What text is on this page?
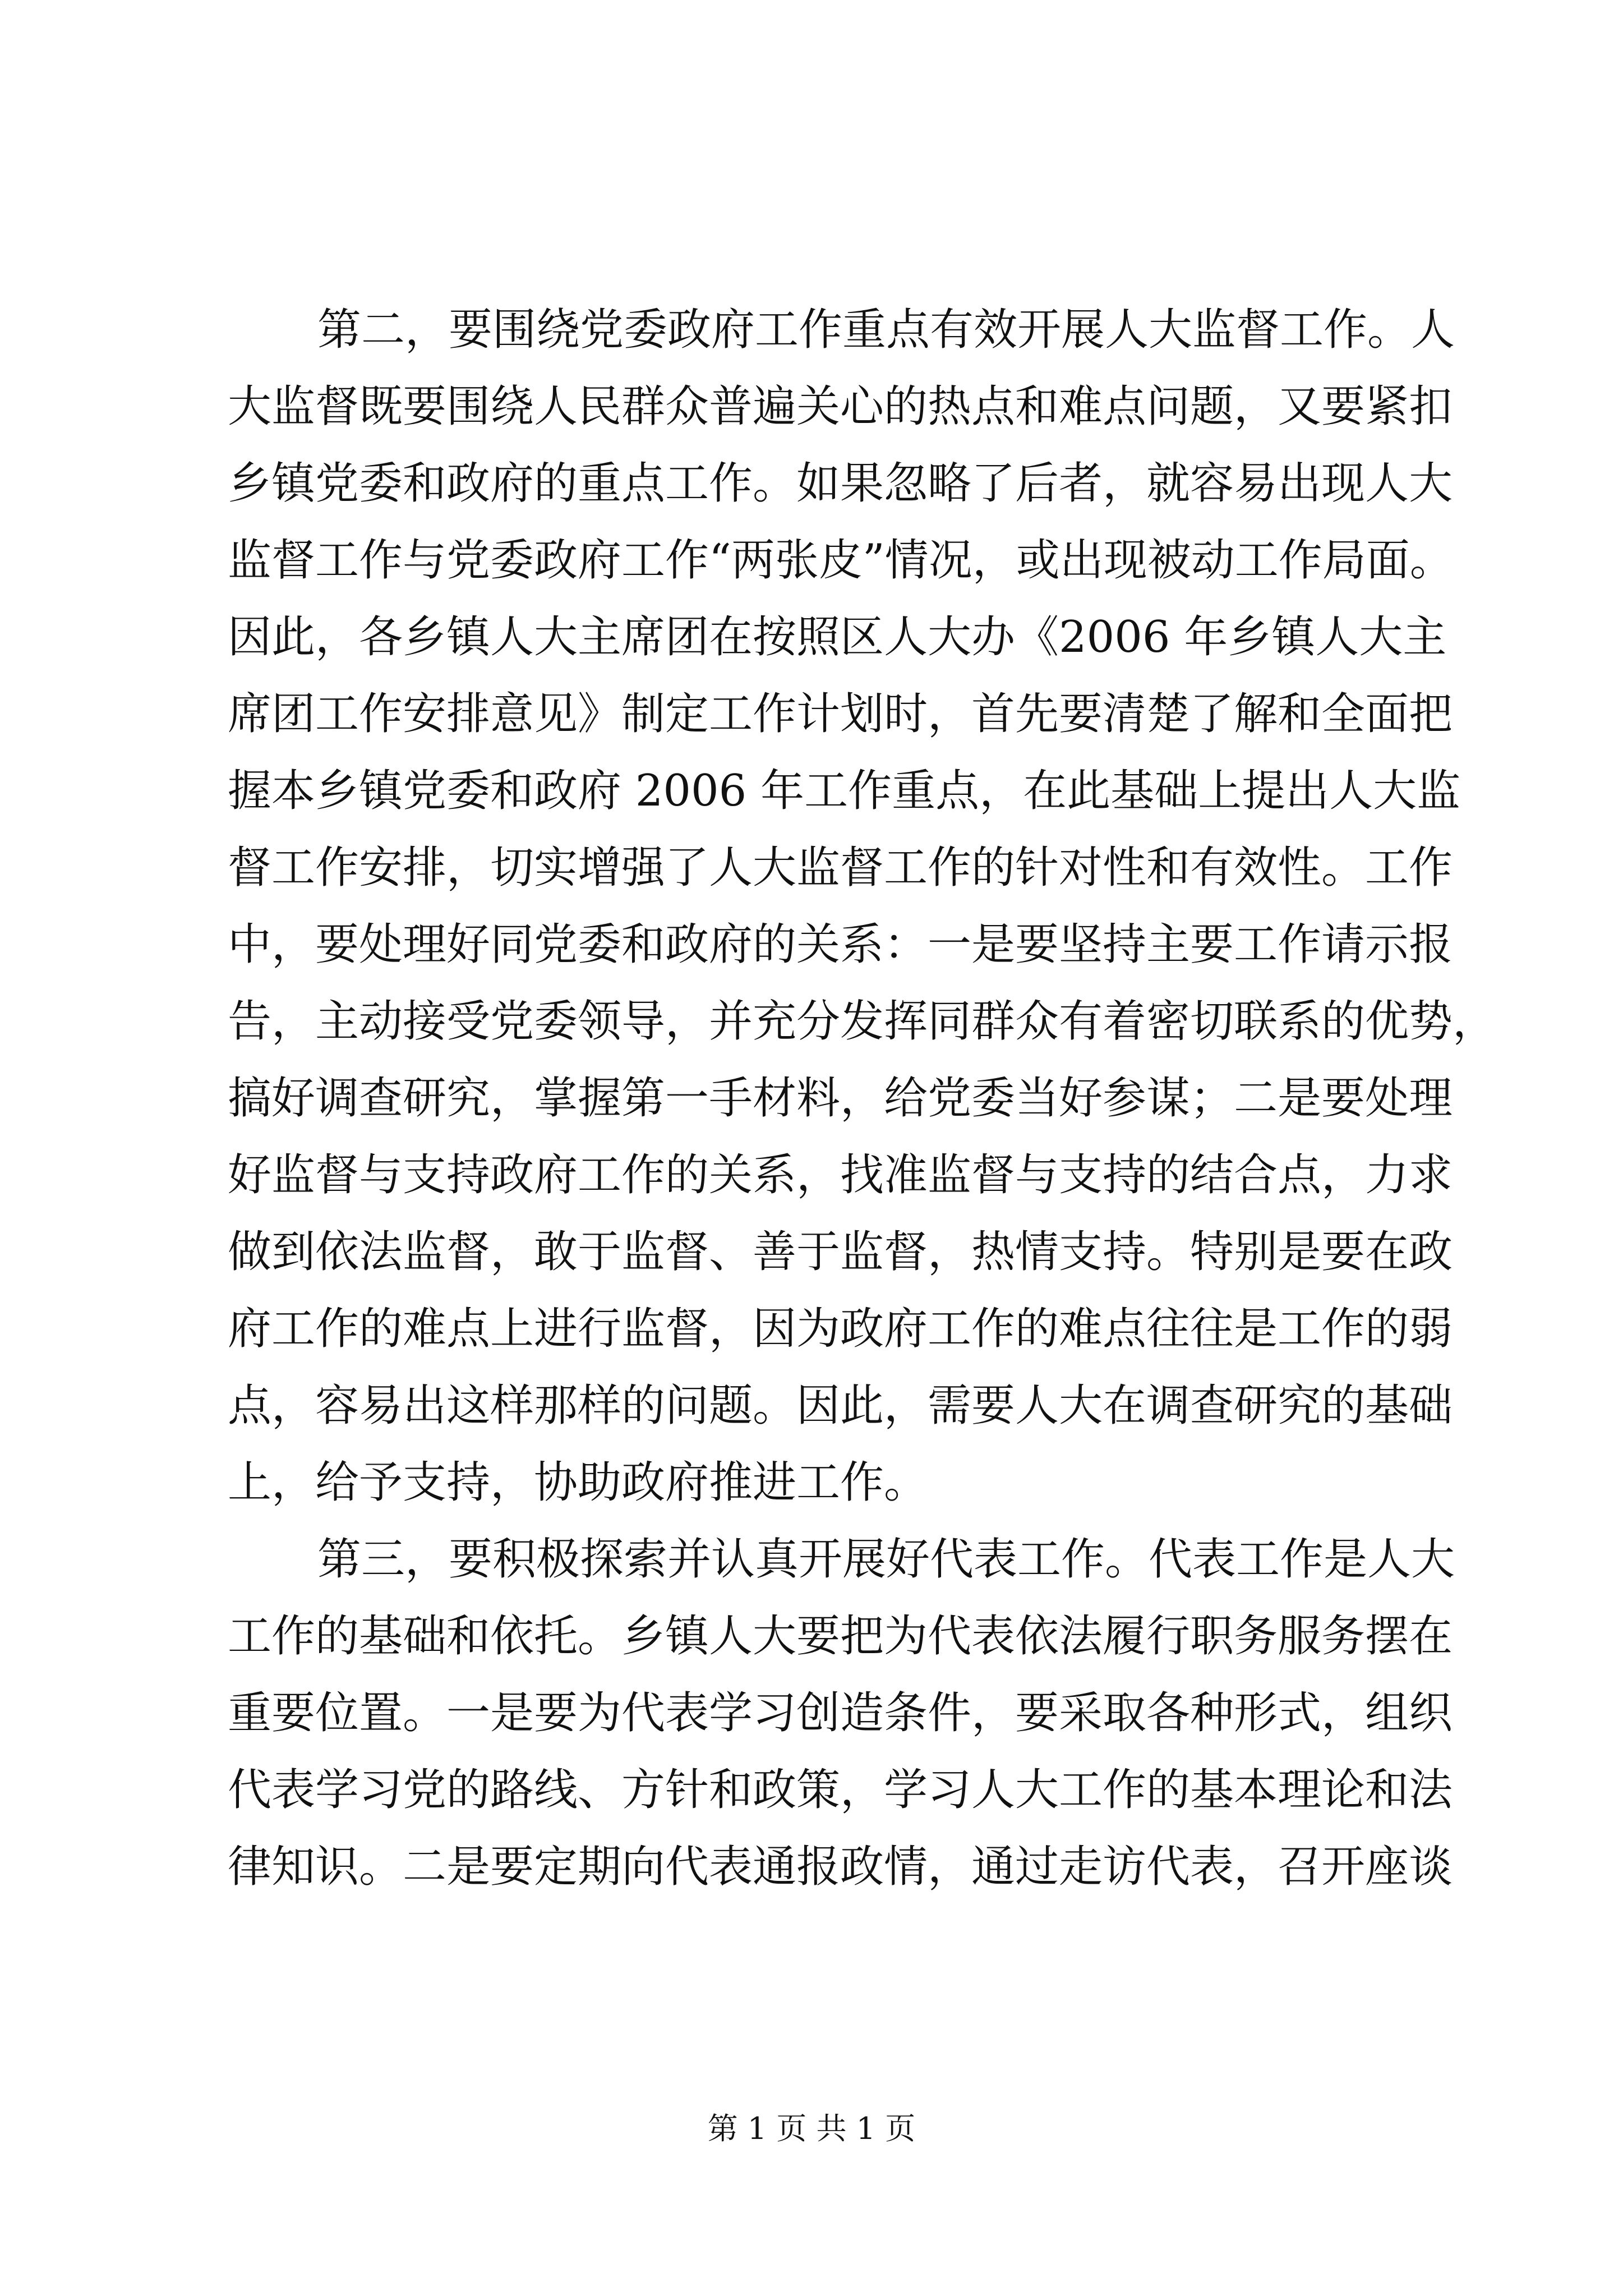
第二，要围绕党委政府工作重点有效开展人大监督工作。人
大监督既要围绕人民群众普遍关心的热点和难点问题，又要紧扣
乡镇党委和政府的重点工作。如果忽略了后者，就容易出现人大
监督工作与党委政府工作“两张皮”情况，或出现被动工作局面。
因此，各乡镇人大主席团在按照区人大办《2006 年乡镇人大主
席团工作安排意见》制定工作计划时，首先要清楚了解和全面把
握本乡镇党委和政府 2006 年工作重点，在此基础上提出人大监
督工作安排，切实增强了人大监督工作的针对性和有效性。工作
中，要处理好同党委和政府的关系：一是要坚持主要工作请示报
告，主动接受党委领导，并充分发挥同群众有着密切联系的优势，
搞好调查研究，掌握第一手材料，给党委当好参谋；二是要处理
好监督与支持政府工作的关系，找准监督与支持的结合点，力求
做到依法监督，敢于监督、善于监督，热情支持。特别是要在政
府工作的难点上进行监督，因为政府工作的难点往往是工作的弱
点，容易出这样那样的问题。因此，需要人大在调查研究的基础
上，给予支持，协助政府推进工作。
第三，要积极探索并认真开展好代表工作。代表工作是人大
工作的基础和依托。乡镇人大要把为代表依法履行职务服务摆在
重要位置。一是要为代表学习创造条件，要采取各种形式，组织
代表学习党的路线、方针和政策，学习人大工作的基本理论和法
律知识。二是要定期向代表通报政情，通过走访代表，召开座谈
第 1 页 共 1 页
